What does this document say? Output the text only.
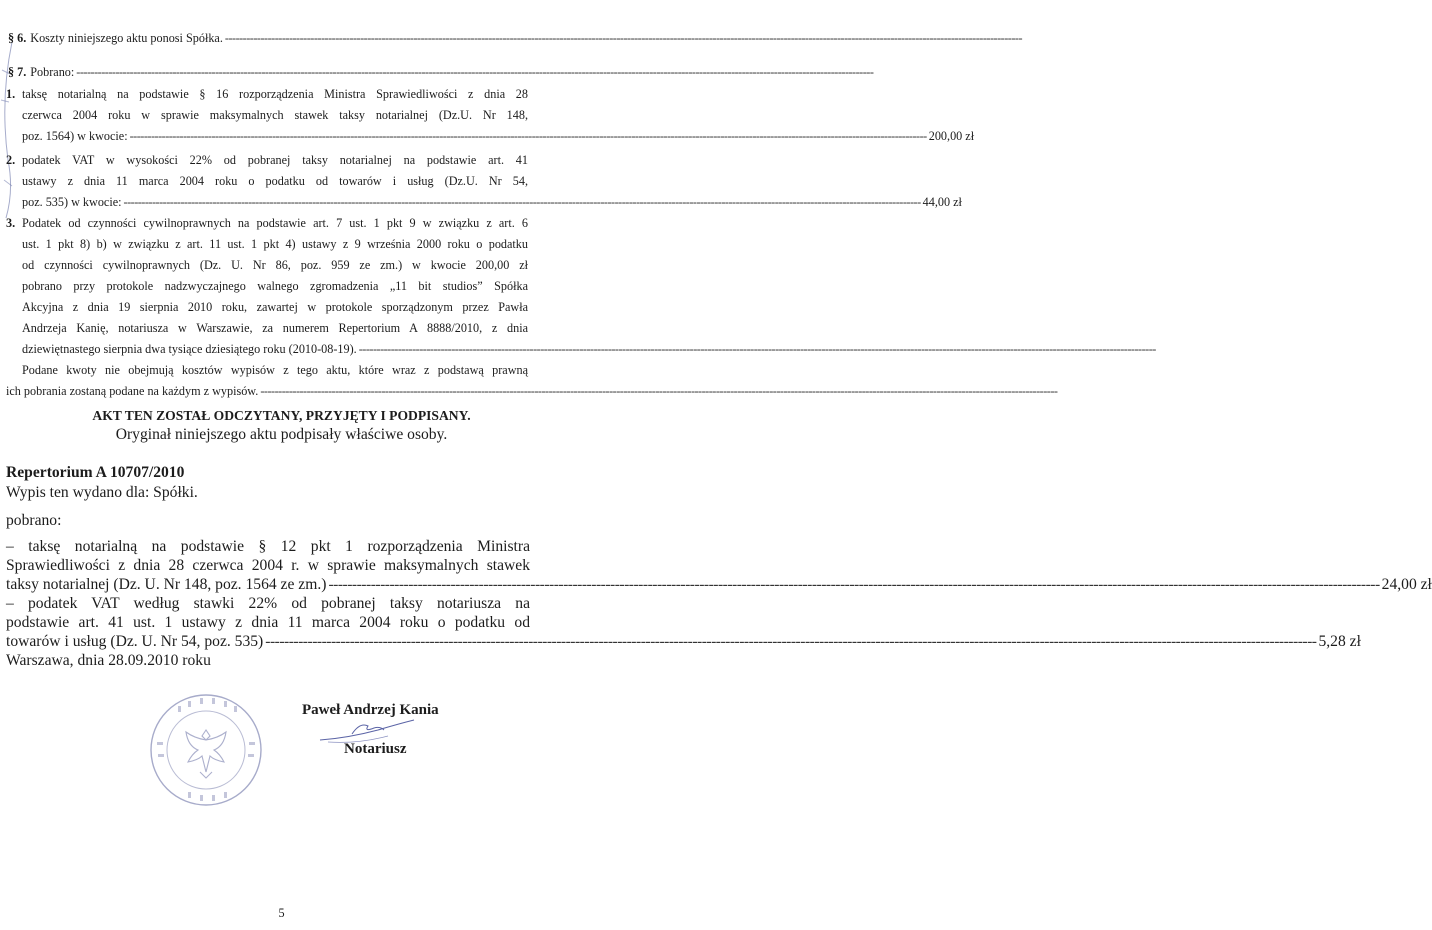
§ 6. Koszty niniejszego aktu ponosi Spółka. --------------------------------------------------------------------------------------------------------------------------------------------------------------------------------------------------------------------------------
§ 7. Pobrano: --------------------------------------------------------------------------------------------------------------------------------------------------------------------------------------------------------------------------------
1. taksę notarialną na podstawie § 16 rozporządzenia Ministra Sprawiedliwości z dnia 28
czerwca 2004 roku w sprawie maksymalnych stawek taksy notarialnej (Dz.U. Nr 148,
poz. 1564) w kwocie: -------------------------------------------------------------------------------------------------------------------------------------------------------------------------------------------------------------------------------- 200,00 zł
2. podatek VAT w wysokości 22% od pobranej taksy notarialnej na podstawie art. 41
ustawy z dnia 11 marca 2004 roku o podatku od towarów i usług (Dz.U. Nr 54,
poz. 535) w kwocie: -------------------------------------------------------------------------------------------------------------------------------------------------------------------------------------------------------------------------------- 44,00 zł
3. Podatek od czynności cywilnoprawnych na podstawie art. 7 ust. 1 pkt 9 w związku z art. 6
ust. 1 pkt 8) b) w związku z art. 11 ust. 1 pkt 4) ustawy z 9 września 2000 roku o podatku
od czynności cywilnoprawnych (Dz. U. Nr 86, poz. 959 ze zm.) w kwocie 200,00 zł
pobrano przy protokole nadzwyczajnego walnego zgromadzenia „11 bit studios” Spółka
Akcyjna z dnia 19 sierpnia 2010 roku, zawartej w protokole sporządzonym przez Pawła
Andrzeja Kanię, notariusza w Warszawie, za numerem Repertorium A 8888/2010, z dnia
dziewiętnastego sierpnia dwa tysiące dziesiątego roku (2010-08-19). --------------------------------------------------------------------------------------------------------------------------------------------------------------------------------------------------------------------------------
Podane kwoty nie obejmują kosztów wypisów z tego aktu, które wraz z podstawą prawną
ich pobrania zostaną podane na każdym z wypisów. --------------------------------------------------------------------------------------------------------------------------------------------------------------------------------------------------------------------------------
AKT TEN ZOSTAŁ ODCZYTANY, PRZYJĘTY I PODPISANY.
Oryginał niniejszego aktu podpisały właściwe osoby.
Repertorium A 10707/2010
Wypis ten wydano dla: Spółki.
pobrano:
– taksę notarialną na podstawie § 12 pkt 1 rozporządzenia Ministra
Sprawiedliwości z dnia 28 czerwca 2004 r. w sprawie maksymalnych stawek
taksy notarialnej (Dz. U. Nr 148, poz. 1564 ze zm.) -------------------------------------------------------------------------------------------------------------------------------------------------------------------------------------------------------------------------------- 24,00 zł
– podatek VAT według stawki 22% od pobranej taksy notariusza na
podstawie art. 41 ust. 1 ustawy z dnia 11 marca 2004 roku o podatku od
towarów i usług (Dz. U. Nr 54, poz. 535) -------------------------------------------------------------------------------------------------------------------------------------------------------------------------------------------------------------------------------- 5,28 zł
Warszawa, dnia 28.09.2010 roku
Paweł Andrzej Kania
Notariusz
5
